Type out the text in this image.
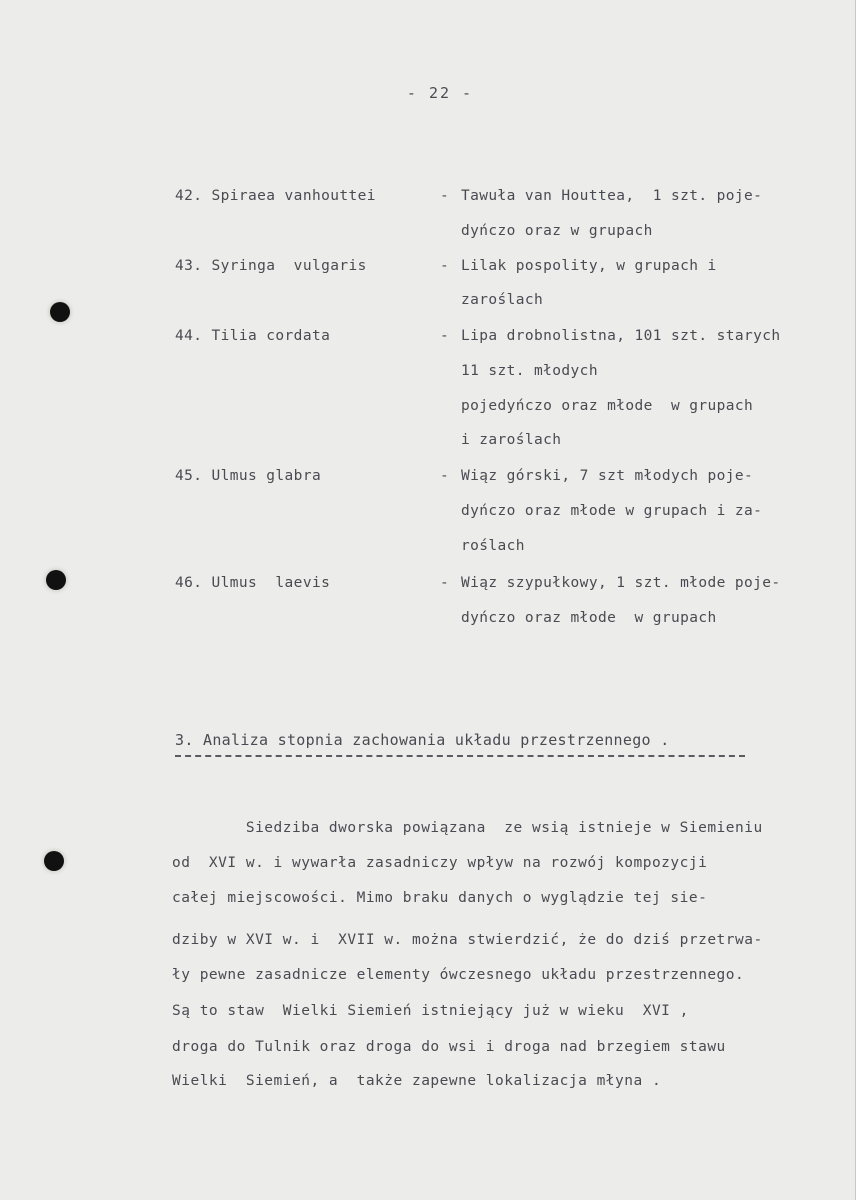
- 22 -
42. Spiraea vanhouttei	- Tawuła van Houttea,  1 szt. poje-
dyńczo oraz w grupach
43. Syringa  vulgaris	- Lilak pospolity, w grupach i
zaroślach
44. Tilia cordata	- Lipa drobnolistna, 101 szt. starych
11 szt. młodych
pojedyńczo oraz młode  w grupach
i zaroślach
45. Ulmus glabra	- Wiąz górski, 7 szt młodych poje-
dyńczo oraz młode w grupach i za-
roślach
46. Ulmus  laevis	- Wiąz szypułkowy, 1 szt. młode poje-
dyńczo oraz młode  w grupach
3. Analiza stopnia zachowania układu przestrzennego .
Siedziba dworska powiązana  ze wsią istnieje w Siemieniu
od  XVI w. i wywarła zasadniczy wpływ na rozwój kompozycji
całej miejscowości. Mimo braku danych o wyglądzie tej sie-
dziby w XVI w. i  XVII w. można stwierdzić, że do dziś przetrwa-
ły pewne zasadnicze elementy ówczesnego układu przestrzennego.
Są to staw  Wielki Siemień istniejący już w wieku  XVI ,
droga do Tulnik oraz droga do wsi i droga nad brzegiem stawu
Wielki  Siemień, a  także zapewne lokalizacja młyna .
